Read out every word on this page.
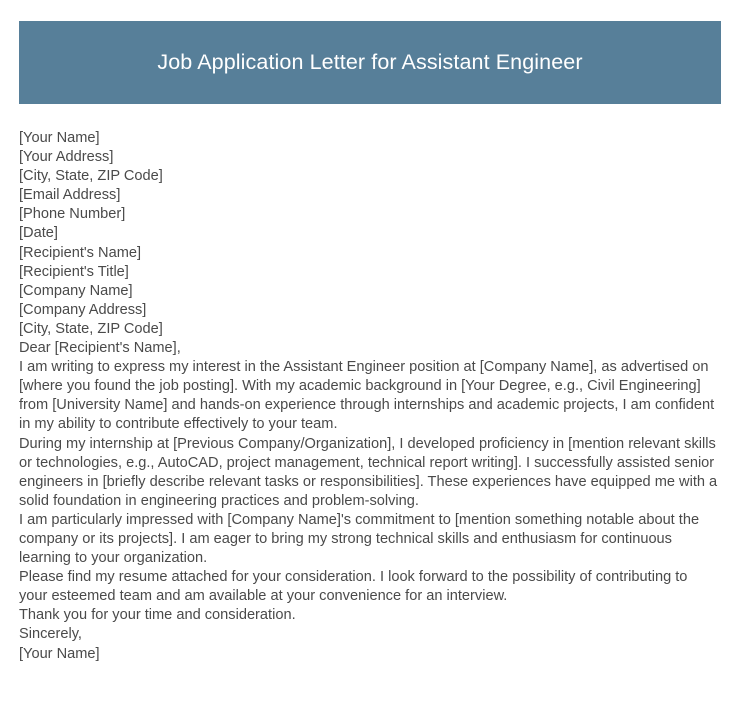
Job Application Letter for Assistant Engineer

[Your Name]

[Your Address]

[City, State, ZIP Code]

[Email Address]

[Phone Number]

[Date]

[Recipient's Name]

[Recipient's Title]

[Company Name]

[Company Address]

[City, State, ZIP Code]

Dear [Recipient's Name],

I am writing to express my interest in the Assistant Engineer position at [Company Name], as advertised on [where you found the job posting]. With my academic background in [Your Degree, e.g., Civil Engineering] from [University Name] and hands-on experience through internships and academic projects, I am confident in my ability to contribute effectively to your team.

During my internship at [Previous Company/Organization], I developed proficiency in [mention relevant skills or technologies, e.g., AutoCAD, project management, technical report writing]. I successfully assisted senior engineers in [briefly describe relevant tasks or responsibilities]. These experiences have equipped me with a solid foundation in engineering practices and problem-solving.

I am particularly impressed with [Company Name]'s commitment to [mention something notable about the company or its projects]. I am eager to bring my strong technical skills and enthusiasm for continuous learning to your organization.

Please find my resume attached for your consideration. I look forward to the possibility of contributing to your esteemed team and am available at your convenience for an interview.

Thank you for your time and consideration.

Sincerely,

[Your Name]
